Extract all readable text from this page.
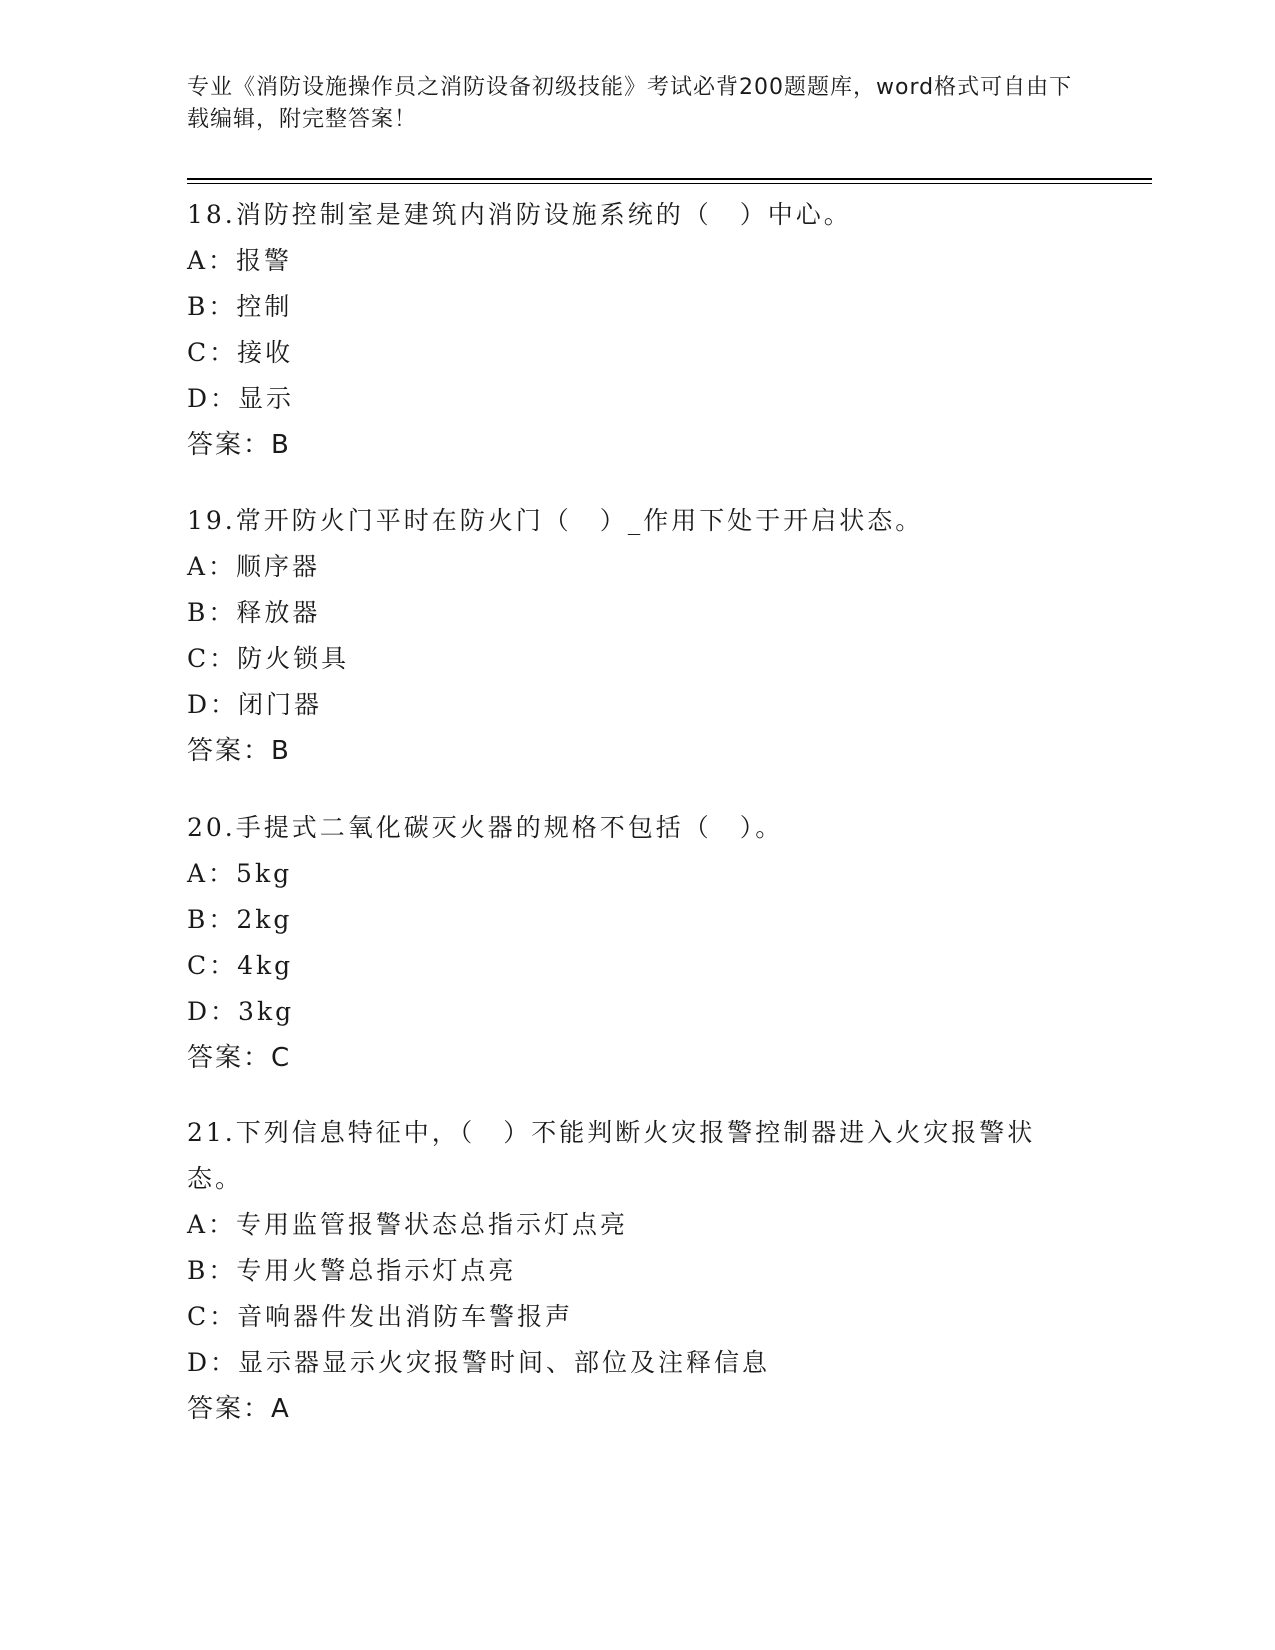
专业《消防设施操作员之消防设备初级技能》考试必背200题题库，word格式可自由下载编辑，附完整答案！
18.消防控制室是建筑内消防设施系统的（　）中心。
A：报警
B：控制
C：接收
D：显示
答案：B
19.常开防火门平时在防火门（　）_作用下处于开启状态。
A：顺序器
B：释放器
C：防火锁具
D：闭门器
答案：B
20.手提式二氧化碳灭火器的规格不包括（　）。
A：5kg
B：2kg
C：4kg
D：3kg
答案：C
21.下列信息特征中，（　）不能判断火灾报警控制器进入火灾报警状态。
A：专用监管报警状态总指示灯点亮
B：专用火警总指示灯点亮
C：音响器件发出消防车警报声
D：显示器显示火灾报警时间、部位及注释信息
答案：A
